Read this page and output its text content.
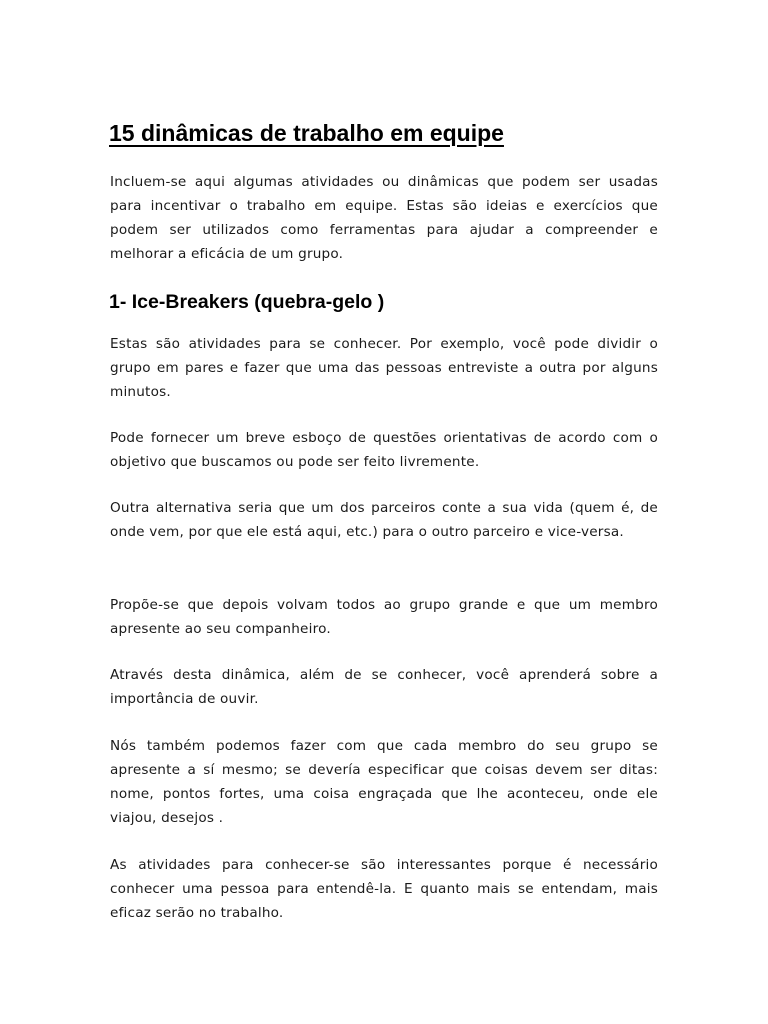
15 dinâmicas de trabalho em equipe

Incluem-se aqui algumas atividades ou dinâmicas que podem ser usadas para incentivar o trabalho em equipe. Estas são ideias e exercícios que podem ser utilizados como ferramentas para ajudar a compreender e melhorar a eficácia de um grupo.

1- Ice-Breakers (quebra-gelo )

Estas são atividades para se conhecer. Por exemplo, você pode dividir o grupo em pares e fazer que uma das pessoas entreviste a outra por alguns minutos.

Pode fornecer um breve esboço de questões orientativas de acordo com o objetivo que buscamos ou pode ser feito livremente.

Outra alternativa seria que um dos parceiros conte a sua vida (quem é, de onde vem, por que ele está aqui, etc.) para o outro parceiro e vice-versa.

Propõe-se que depois volvam todos ao grupo grande e que um membro apresente ao seu companheiro.

Através desta dinâmica, além de se conhecer, você aprenderá sobre a importância de ouvir.

Nós também podemos fazer com que cada membro do seu grupo se apresente a sí mesmo; se devería especificar que coisas devem ser ditas: nome, pontos fortes, uma coisa engraçada que lhe aconteceu, onde ele viajou, desejos .

As atividades para conhecer-se são interessantes porque é necessário conhecer uma pessoa para entendê-la. E quanto mais se entendam, mais eficaz serão no trabalho.
